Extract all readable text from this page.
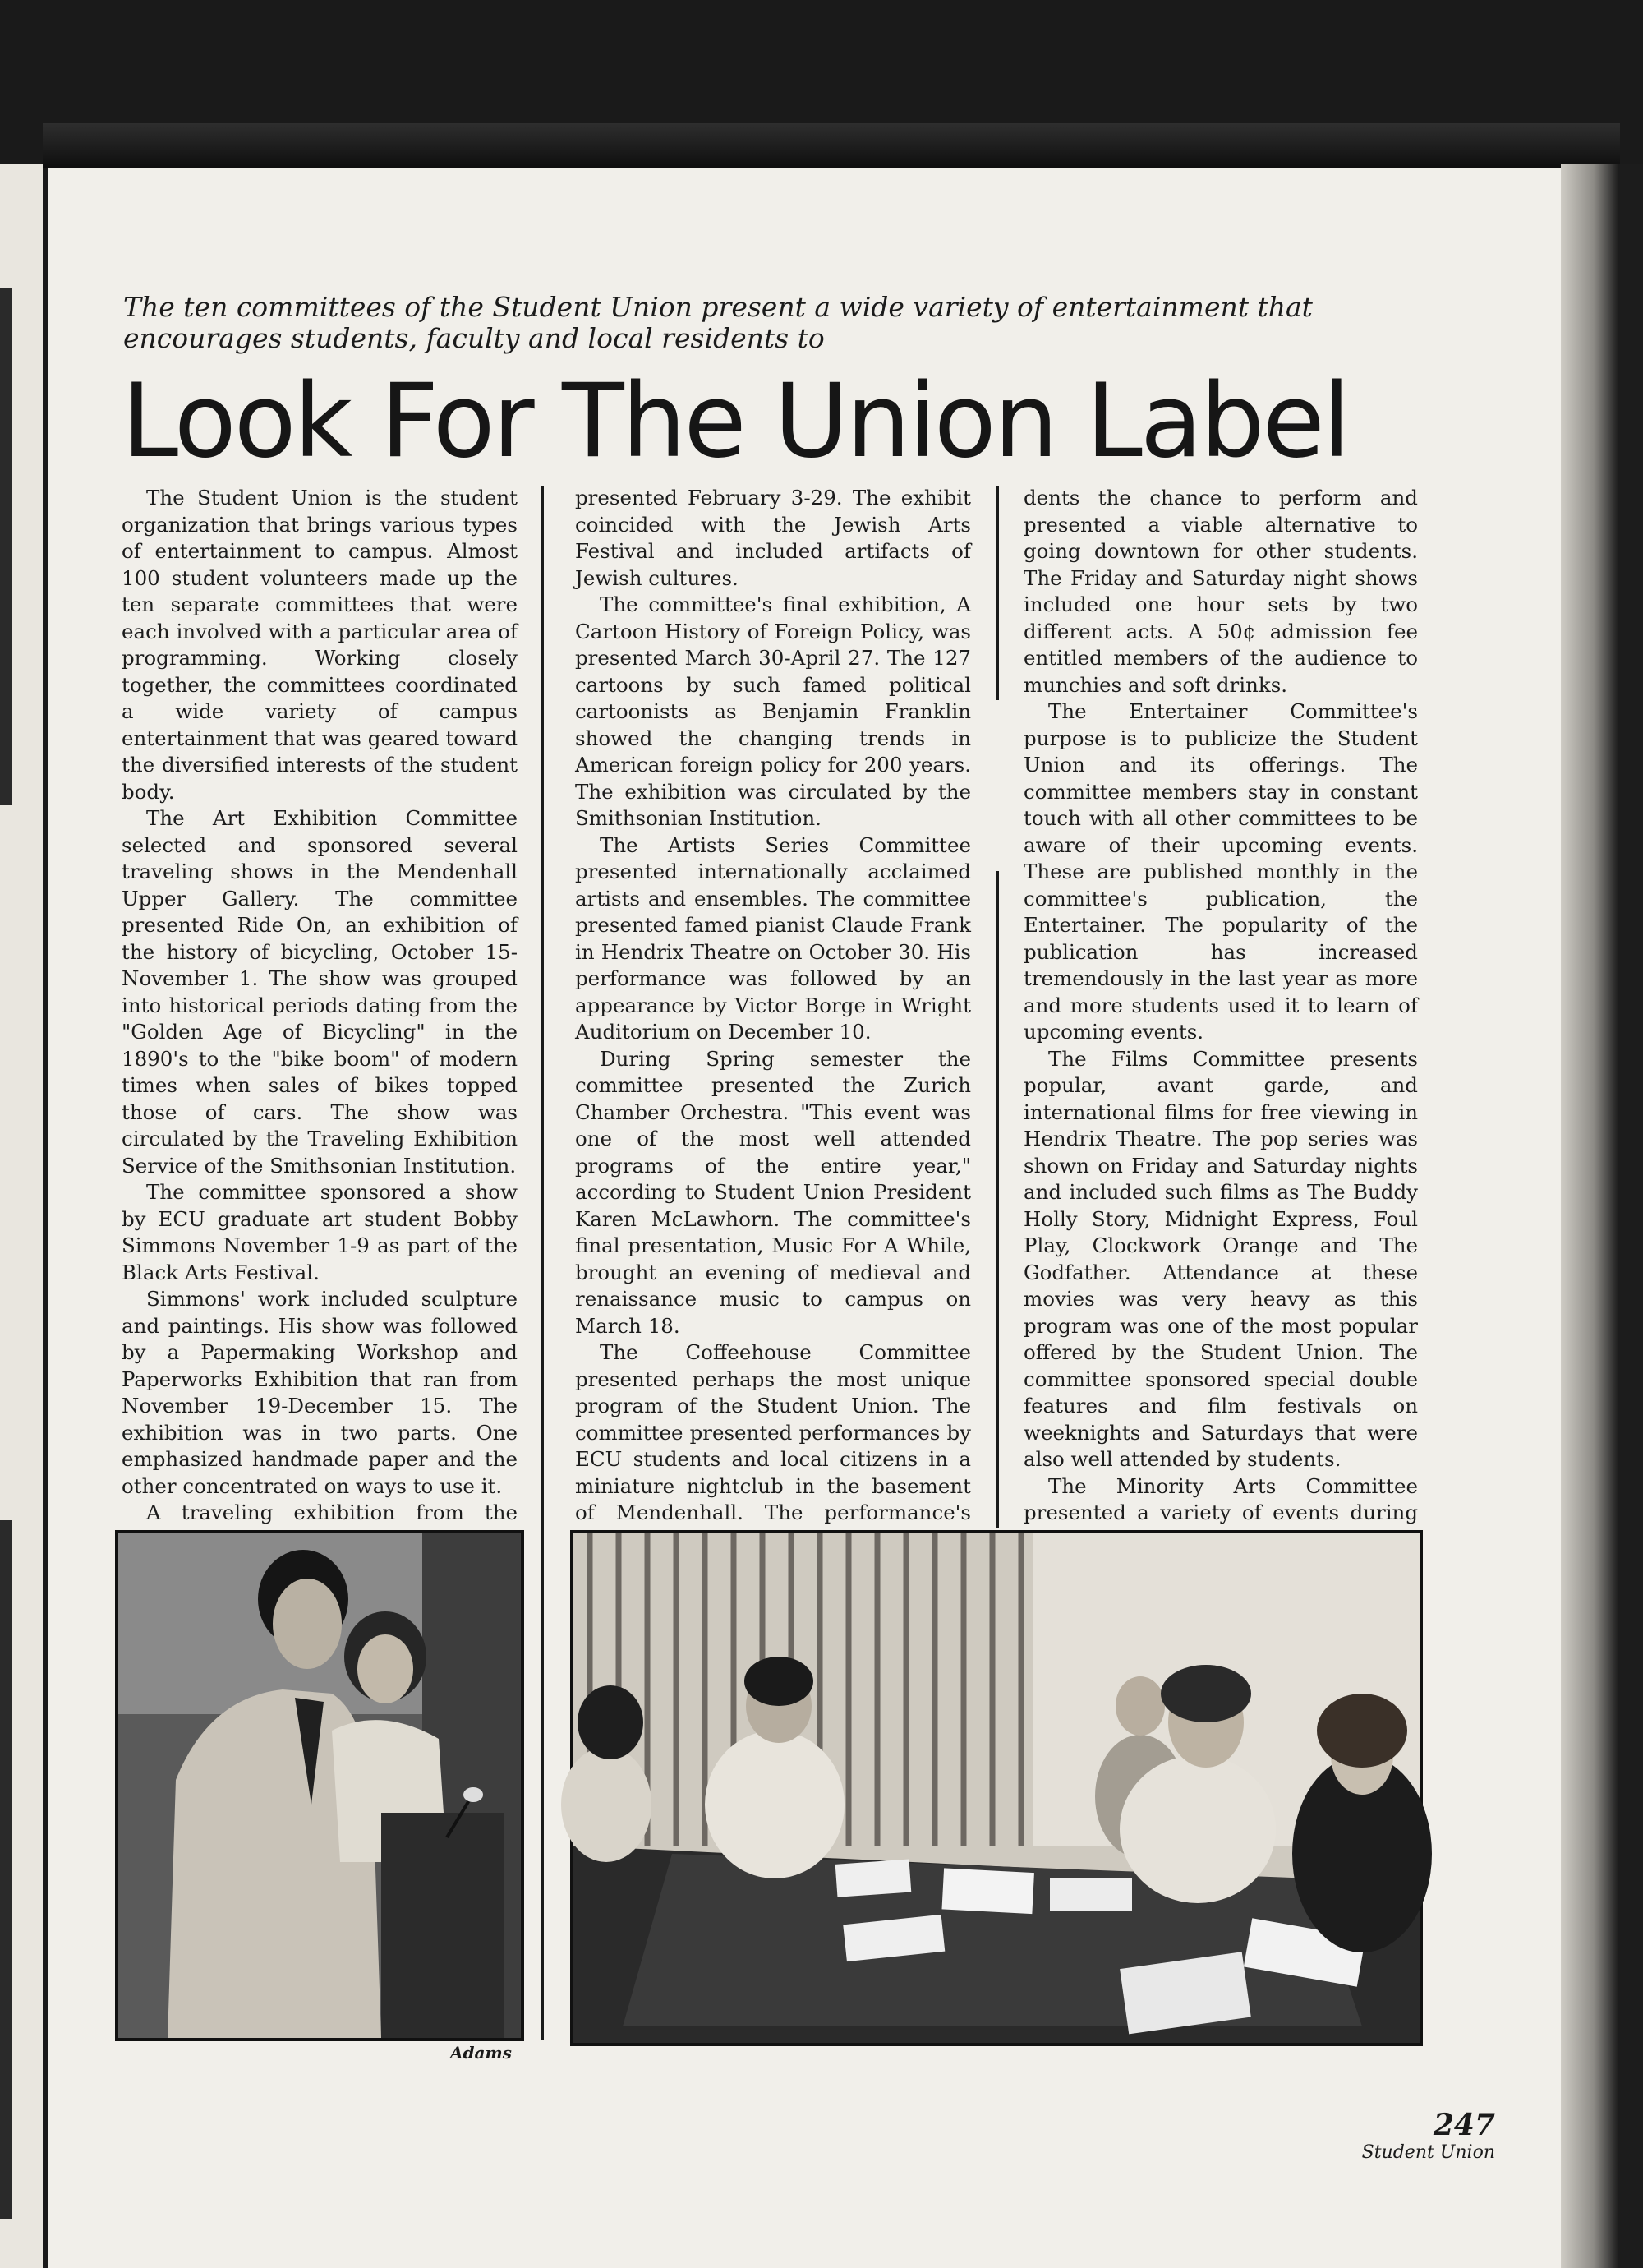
The ten committees of the Student Union present a wide variety of entertainment that encourages students, faculty and local residents to
Look For The Union Label

The Student Union is the student organization that brings various types of entertainment to campus. Almost 100 student volunteers made up the ten separate committees that were each involved with a particular area of programming. Working closely together, the committees coordinated a wide variety of campus entertainment that was geared toward the diversified interests of the student body.

The Art Exhibition Committee selected and sponsored several traveling shows in the Mendenhall Upper Gallery. The committee presented Ride On, an exhibition of the history of bicycling, October 15-November 1. The show was grouped into historical periods dating from the "Golden Age of Bicycling" in the 1890's to the "bike boom" of modern times when sales of bikes topped those of cars. The show was circulated by the Traveling Exhibition Service of the Smithsonian Institution.

The committee sponsored a show by ECU graduate art student Bobby Simmons November 1-9 as part of the Black Arts Festival.

Simmons' work included sculpture and paintings. His show was followed by a Papermaking Workshop and Paperworks Exhibition that ran from November 19-December 15. The exhibition was in two parts. One emphasized handmade paper and the other concentrated on ways to use it.

A traveling exhibition from the

presented February 3-29. The exhibit coincided with the Jewish Arts Festival and included artifacts of Jewish cultures.

The committee's final exhibition, A Cartoon History of Foreign Policy, was presented March 30-April 27. The 127 cartoons by such famed political cartoonists as Benjamin Franklin showed the changing trends in American foreign policy for 200 years. The exhibition was circulated by the Smithsonian Institution.

The Artists Series Committee presented internationally acclaimed artists and ensembles. The committee presented famed pianist Claude Frank in Hendrix Theatre on October 30. His performance was followed by an appearance by Victor Borge in Wright Auditorium on December 10.

During Spring semester the committee presented the Zurich Chamber Orchestra. "This event was one of the most well attended programs of the entire year," according to Student Union President Karen McLawhorn. The committee's final presentation, Music For A While, brought an evening of medieval and renaissance music to campus on March 18.

The Coffeehouse Committee presented perhaps the most unique program of the Student Union. The committee presented performances by ECU students and local citizens in a miniature nightclub in the basement of Mendenhall. The performance's

dents the chance to perform and presented a viable alternative to going downtown for other students. The Friday and Saturday night shows included one hour sets by two different acts. A 50¢ admission fee entitled members of the audience to munchies and soft drinks.

The Entertainer Committee's purpose is to publicize the Student Union and its offerings. The committee members stay in constant touch with all other committees to be aware of their upcoming events. These are published monthly in the committee's publication, the Entertainer. The popularity of the publication has increased tremendously in the last year as more and more students used it to learn of upcoming events.

The Films Committee presents popular, avant garde, and international films for free viewing in Hendrix Theatre. The pop series was shown on Friday and Saturday nights and included such films as The Buddy Holly Story, Midnight Express, Foul Play, Clockwork Orange and The Godfather. Attendance at these movies was very heavy as this program was one of the most popular offered by the Student Union. The committee sponsored special double features and film festivals on weeknights and Saturdays that were also well attended by students.

The Minority Arts Committee presented a variety of events during

Adams
247
Student Union
